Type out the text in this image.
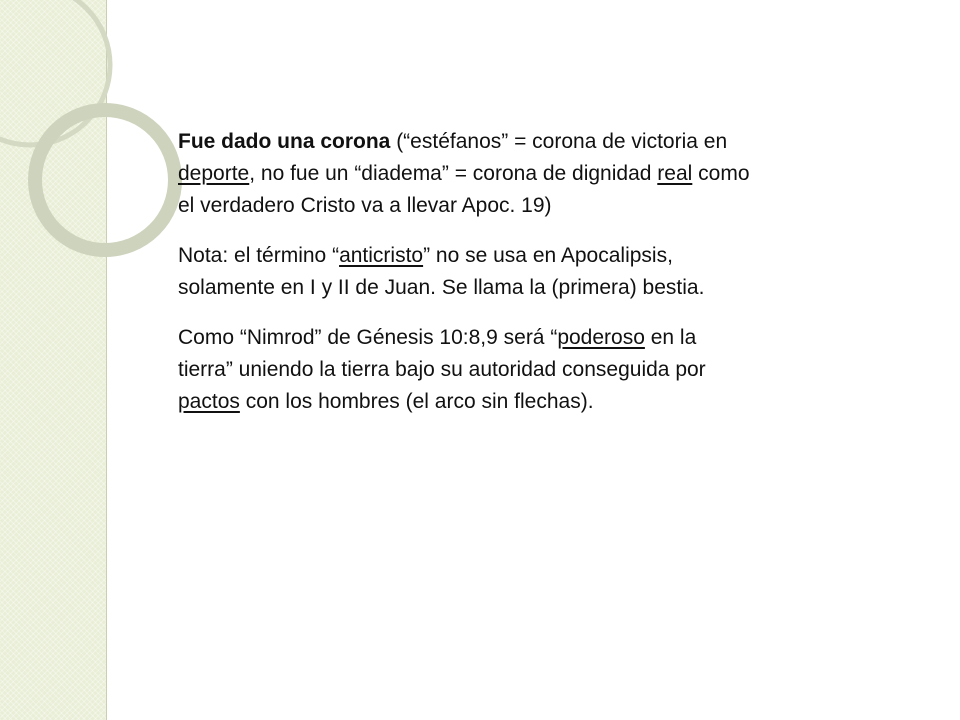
Fue dado una corona (“estéfanos” = corona de victoria en
deporte, no fue un “diadema” = corona de dignidad real como
el verdadero Cristo va a llevar Apoc. 19)

Nota: el término “anticristo” no se usa en Apocalipsis,
solamente en I y II de Juan. Se llama la (primera) bestia.

Como “Nimrod” de Génesis 10:8,9 será “poderoso en la
tierra” uniendo la tierra bajo su autoridad conseguida por
pactos con los hombres (el arco sin flechas).
